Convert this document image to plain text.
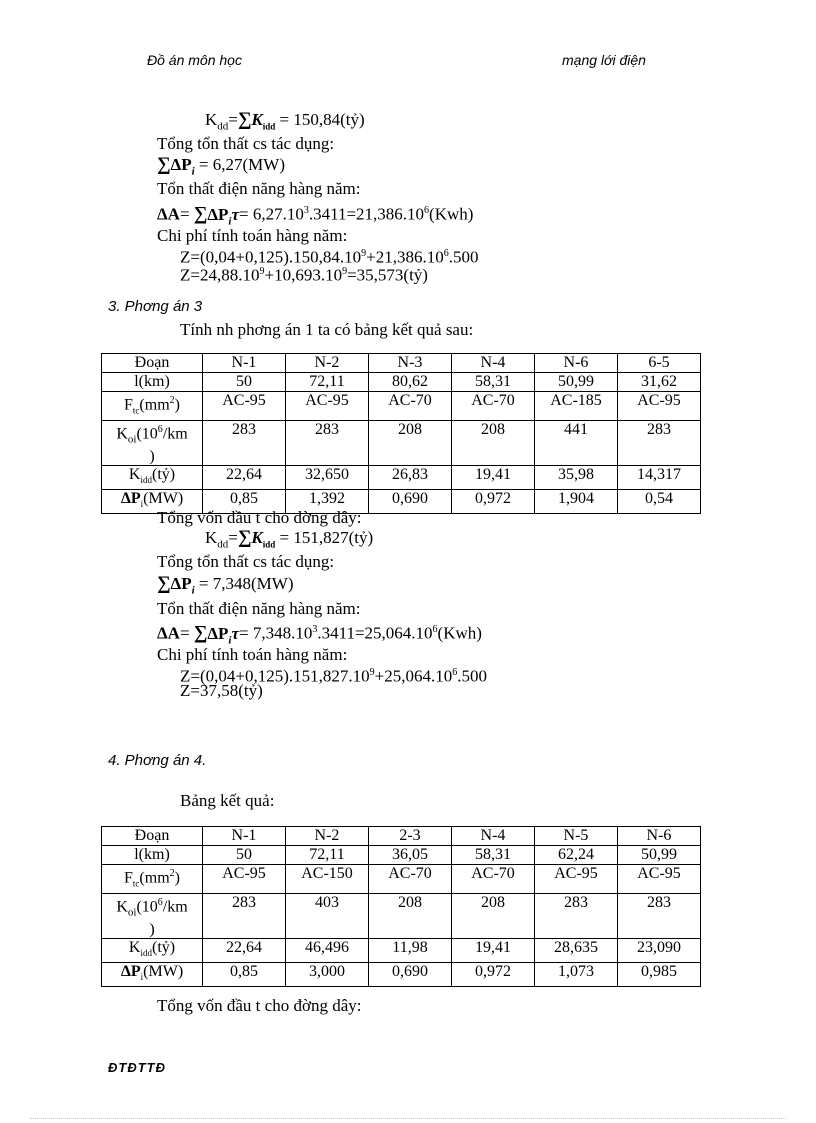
Đồ án môn học	mạng lới điện
$K_{dd}=\sum K_{idd}$ = 150,84(tỷ)
Tổng tổn thất cs tác dụng:
$\sum\Delta P_i = 6,27(MW)$
Tổn thất điện năng hàng năm:
$\Delta A= \sum\Delta P_i\tau= 6,27.10^3.3411=21,386.10^6(Kwh)$
Chi phí tính toán hàng năm:
$Z=(0,04+0,125).150,84.10^9+21,386.10^6.500$
$Z=24,88.10^9+10,693.10^9=35,573(tỷ)$
3. Phơng án 3
Tính nh phơng án 1 ta có bảng kết quả sau:
Đoạn	N-1	N-2	N-3	N-4	N-6	6-5
l(km)	50	72,11	80,62	58,31	50,99	31,62
$F_{tc}(mm^2)$	AC-95	AC-95	AC-70	AC-70	AC-185	AC-95
$K_{oi}(10^6/km$
)	283	283	208	208	441	283
$K_{idd}(tỷ)$	22,64	32,650	26,83	19,41	35,98	14,317
$\Delta P_i(MW)$	0,85	1,392	0,690	0,972	1,904	0,54
Tổng vốn đầu t cho đờng dây:
$K_{dd}=\sum K_{idd}$ = 151,827(tỷ)
Tổng tổn thất cs tác dụng:
$\sum\Delta P_i = 7,348(MW)$
Tổn thất điện năng hàng năm:
$\Delta A= \sum\Delta P_i\tau= 7,348.10^3.3411=25,064.10^6(Kwh)$
Chi phí tính toán hàng năm:
$Z=(0,04+0,125).151,827.10^9+25,064.10^6.500$
Z=37,58(tỷ)
4. Phơng án 4.
Bảng kết quả:
Đoạn	N-1	N-2	2-3	N-4	N-5	N-6
l(km)	50	72,11	36,05	58,31	62,24	50,99
$F_{tc}(mm^2)$	AC-95	AC-150	AC-70	AC-70	AC-95	AC-95
$K_{oi}(10^6/km$
)	283	403	208	208	283	283
$K_{idd}(tỷ)$	22,64	46,496	11,98	19,41	28,635	23,090
$\Delta P_i(MW)$	0,85	3,000	0,690	0,972	1,073	0,985
Tổng vốn đầu t cho đờng dây:
ĐTĐTTĐ
